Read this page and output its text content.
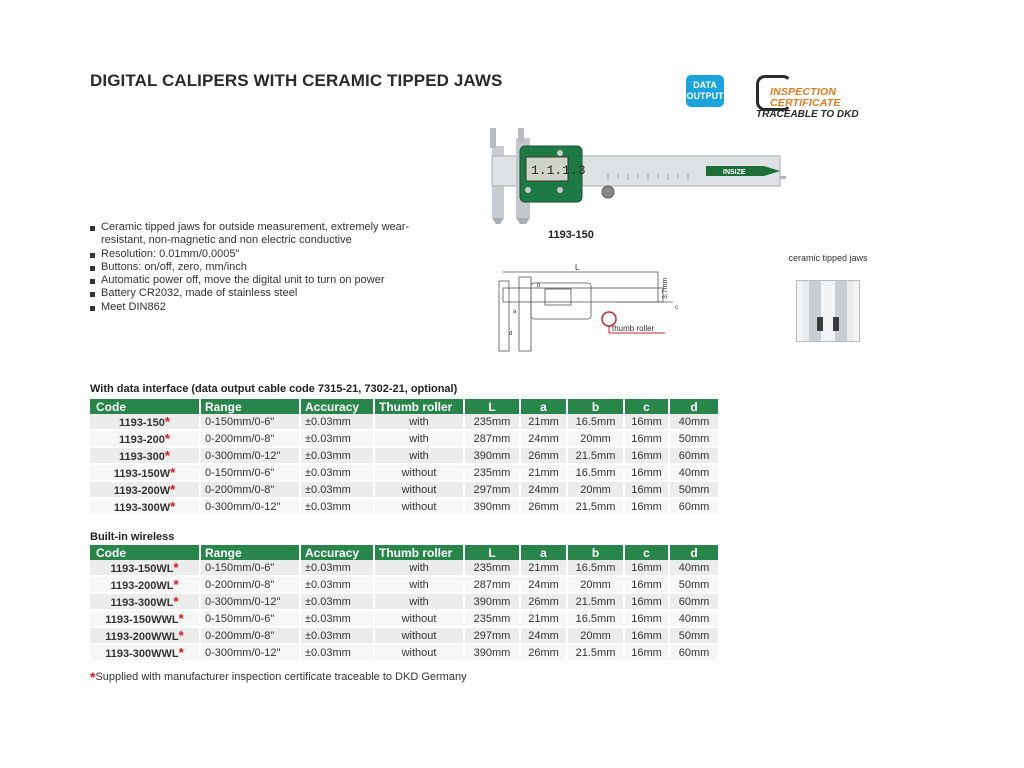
DIGITAL CALIPERS WITH CERAMIC TIPPED JAWS	DATA
OUTPUT	INSPECTION
CERTIFICATE
TRACEABLE TO DKD
INSIZE
1.1.1.3
1193-150
Ceramic tipped jaws for outside measurement, extremely wear-resistant, non-magnetic and non electric conductive
Resolution: 0.01mm/0.0005"
Buttons: on/off, zero, mm/inch
Automatic power off, move the digital unit to turn on power
Battery CR2032, made of stainless steel
Meet DIN862
L
b
a
d
c
3.7mm
thumb roller
ceramic tipped jaws
With data interface (data output cable code 7315-21, 7302-21, optional)
Code	Range	Accuracy	Thumb roller	L	a	b	c	d
1193-150*	0-150mm/0-6"	±0.03mm	with	235mm	21mm	16.5mm	16mm	40mm
1193-200*	0-200mm/0-8"	±0.03mm	with	287mm	24mm	20mm	16mm	50mm
1193-300*	0-300mm/0-12"	±0.03mm	with	390mm	26mm	21.5mm	16mm	60mm
1193-150W*	0-150mm/0-6"	±0.03mm	without	235mm	21mm	16.5mm	16mm	40mm
1193-200W*	0-200mm/0-8"	±0.03mm	without	297mm	24mm	20mm	16mm	50mm
1193-300W*	0-300mm/0-12"	±0.03mm	without	390mm	26mm	21.5mm	16mm	60mm
Built-in wireless
Code	Range	Accuracy	Thumb roller	L	a	b	c	d
1193-150WL*	0-150mm/0-6"	±0.03mm	with	235mm	21mm	16.5mm	16mm	40mm
1193-200WL*	0-200mm/0-8"	±0.03mm	with	287mm	24mm	20mm	16mm	50mm
1193-300WL*	0-300mm/0-12"	±0.03mm	with	390mm	26mm	21.5mm	16mm	60mm
1193-150WWL*	0-150mm/0-6"	±0.03mm	without	235mm	21mm	16.5mm	16mm	40mm
1193-200WWL*	0-200mm/0-8"	±0.03mm	without	297mm	24mm	20mm	16mm	50mm
1193-300WWL*	0-300mm/0-12"	±0.03mm	without	390mm	26mm	21.5mm	16mm	60mm
*Supplied with manufacturer inspection certificate traceable to DKD Germany
